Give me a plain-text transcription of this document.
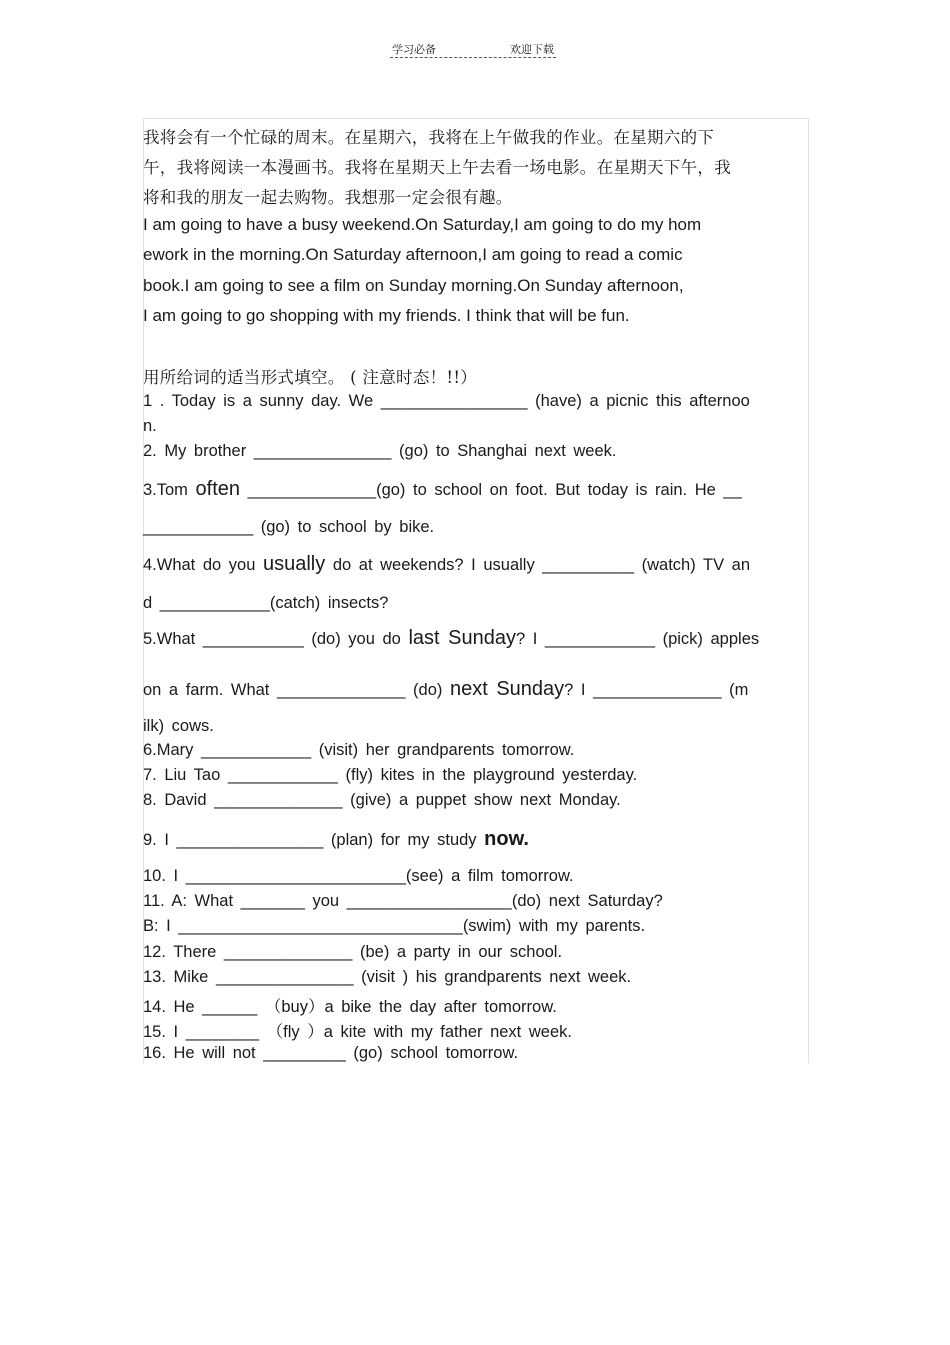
学习必备	欢迎下载
我将会有一个忙碌的周末。在星期六，我将在上午做我的作业。在星期六的下
午，我将阅读一本漫画书。我将在星期天上午去看一场电影。在星期天下午，我
将和我的朋友一起去购物。我想那一定会很有趣。
I am going to have a busy weekend.On Saturday,I am going to do my hom
ework in the morning.On Saturday afternoon,I am going to read a comic
book.I am going to see a film on Sunday morning.On Sunday afternoon,
I am going to go shopping with my friends. I think that will be fun.
用所给词的适当形式填空。 ( 注意时态！!!）
1 . Today is a sunny day. We ________________ (have) a picnic this afternoo
n.
2. My brother _______________ (go) to Shanghai next week.
3.Tom often ______________(go) to school on foot. But today is rain. He __
____________ (go) to school by bike.
4.What do you usually do at weekends? I usually __________ (watch) TV an
d ____________(catch) insects?
5.What ___________ (do) you do last Sunday? I ____________ (pick) apples
on a farm. What ______________ (do) next Sunday? I ______________ (m
ilk) cows.
6.Mary ____________ (visit) her grandparents tomorrow.
7. Liu Tao ____________ (fly) kites in the playground yesterday.
8. David ______________ (give) a puppet show next Monday.
9. I ________________ (plan) for my study now.
10. I ________________________(see) a film tomorrow.
11. A: What _______ you __________________(do) next Saturday?
B: I _______________________________(swim) with my parents.
12. There ______________ (be) a party in our school.
13. Mike _______________ (visit ) his grandparents next week.
14. He ______ （buy）a bike the day after tomorrow.
15. I ________ （fly ）a kite with my father next week.
16. He will not _________ (go) school tomorrow.
